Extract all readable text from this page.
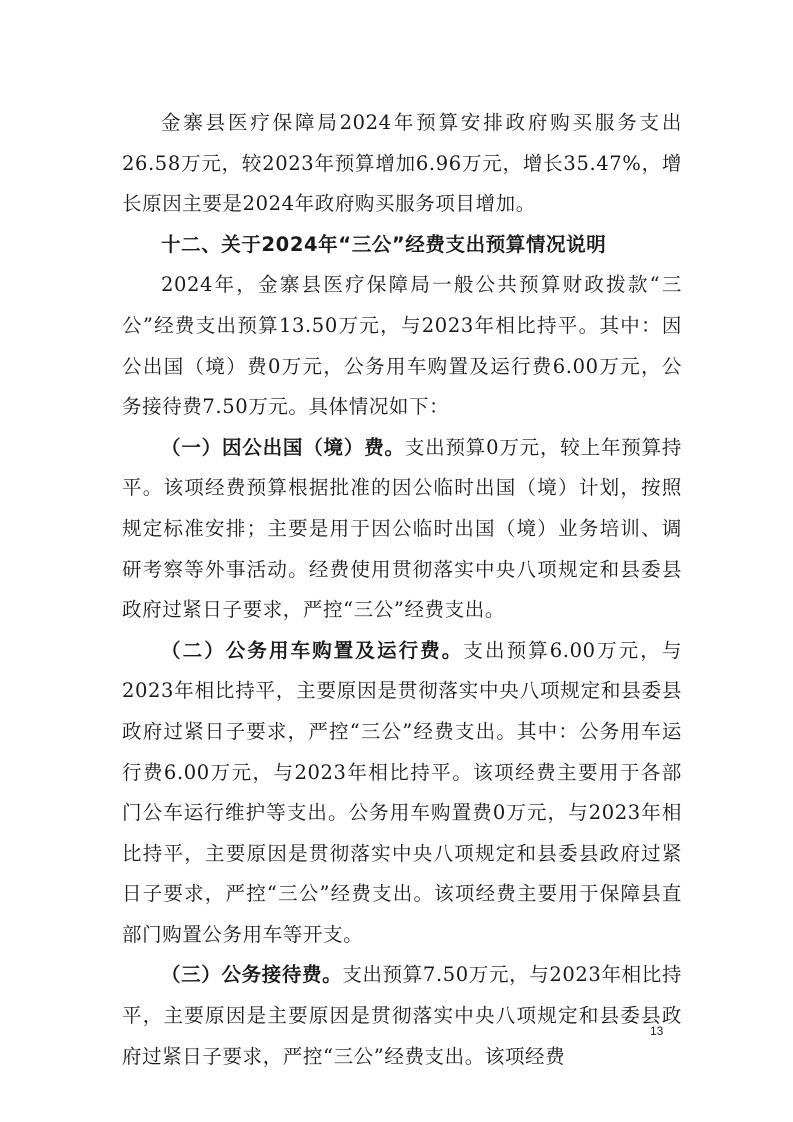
金寨县医疗保障局2024年预算安排政府购买服务支出26.58万元，较2023年预算增加6.96万元，增长35.47%，增长原因主要是2024年政府购买服务项目增加。

十二、关于2024年“三公”经费支出预算情况说明

2024年，金寨县医疗保障局一般公共预算财政拨款“三公”经费支出预算13.50万元，与2023年相比持平。其中：因公出国（境）费0万元，公务用车购置及运行费6.00万元，公务接待费7.50万元。具体情况如下：

（一）因公出国（境）费。支出预算0万元，较上年预算持平。该项经费预算根据批准的因公临时出国（境）计划，按照规定标准安排；主要是用于因公临时出国（境）业务培训、调研考察等外事活动。经费使用贯彻落实中央八项规定和县委县政府过紧日子要求，严控“三公”经费支出。

（二）公务用车购置及运行费。支出预算6.00万元，与2023年相比持平，主要原因是贯彻落实中央八项规定和县委县政府过紧日子要求，严控“三公”经费支出。其中：公务用车运行费6.00万元，与2023年相比持平。该项经费主要用于各部门公车运行维护等支出。公务用车购置费0万元，与2023年相比持平，主要原因是贯彻落实中央八项规定和县委县政府过紧日子要求，严控“三公”经费支出。该项经费主要用于保障县直部门购置公务用车等开支。

（三）公务接待费。支出预算7.50万元，与2023年相比持平，主要原因是主要原因是贯彻落实中央八项规定和县委县政府过紧日子要求，严控“三公”经费支出。该项经费

13
